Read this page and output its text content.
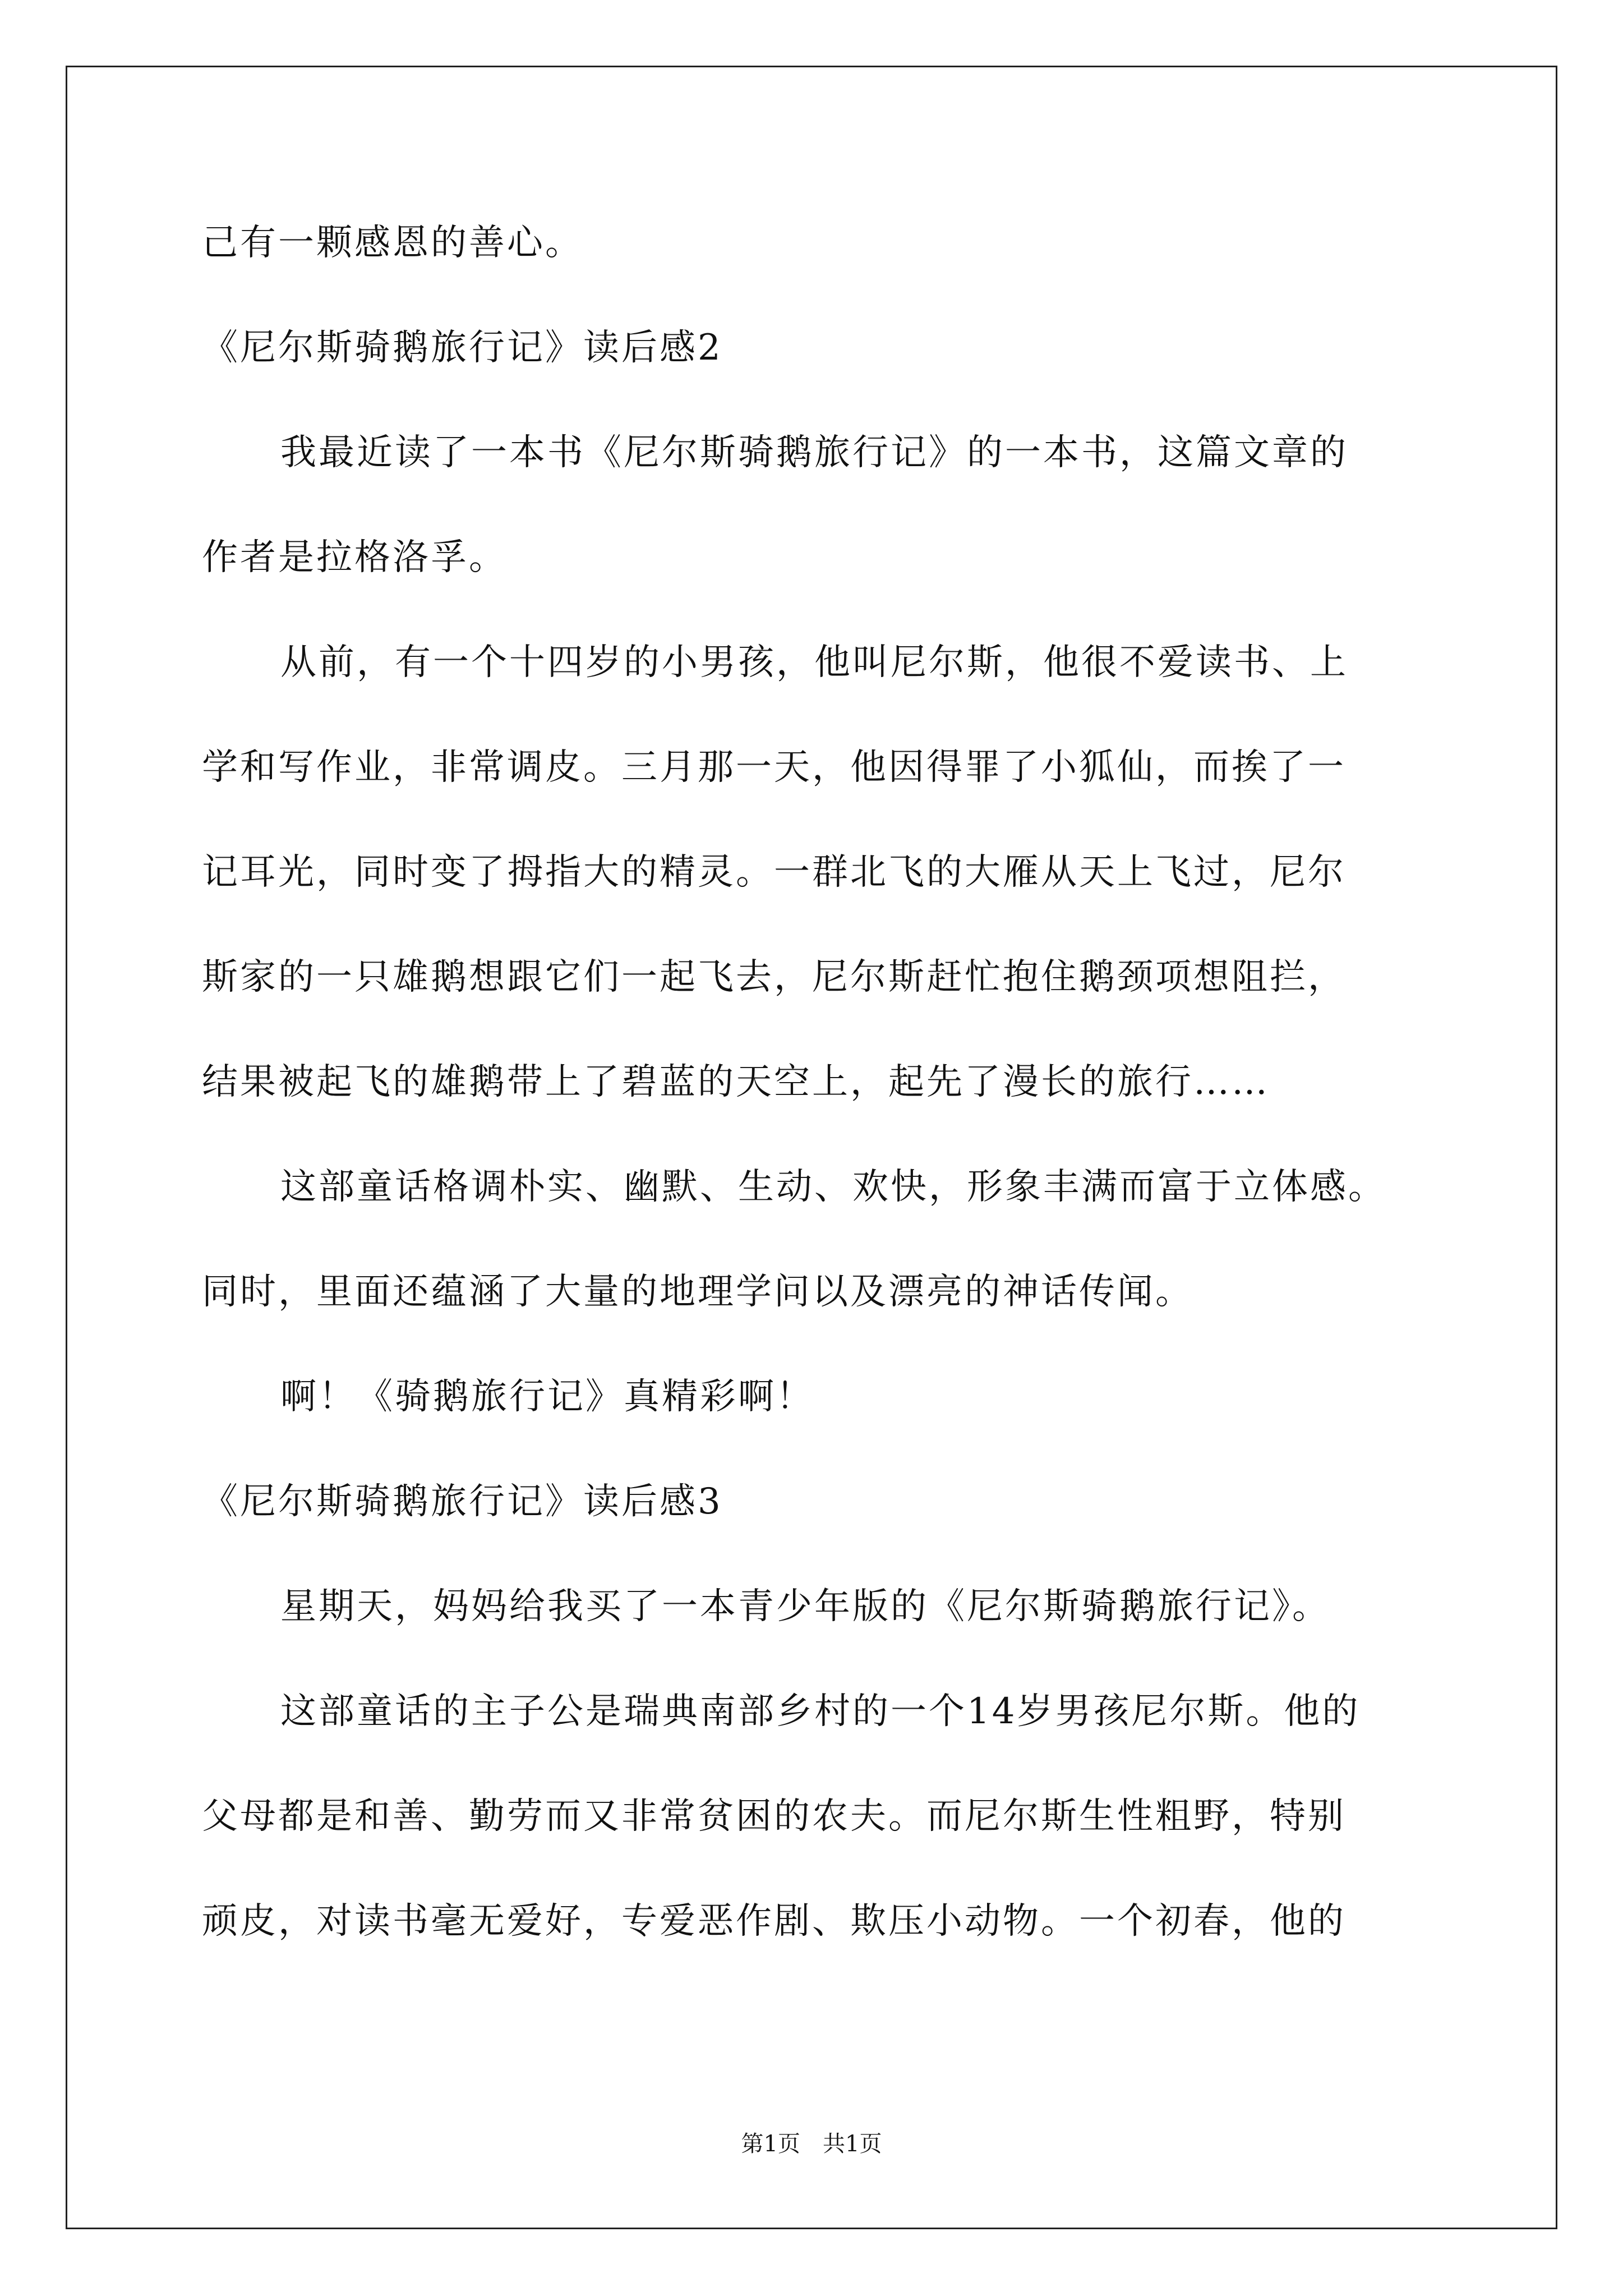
己有一颗感恩的善心。
《尼尔斯骑鹅旅行记》读后感2
我最近读了一本书《尼尔斯骑鹅旅行记》的一本书，这篇文章的
作者是拉格洛孚。
从前，有一个十四岁的小男孩，他叫尼尔斯，他很不爱读书、上
学和写作业，非常调皮。三月那一天，他因得罪了小狐仙，而挨了一
记耳光，同时变了拇指大的精灵。一群北飞的大雁从天上飞过，尼尔
斯家的一只雄鹅想跟它们一起飞去，尼尔斯赶忙抱住鹅颈项想阻拦，
结果被起飞的雄鹅带上了碧蓝的天空上，起先了漫长的旅行……
这部童话格调朴实、幽默、生动、欢快，形象丰满而富于立体感。
同时，里面还蕴涵了大量的地理学问以及漂亮的神话传闻。
啊！《骑鹅旅行记》真精彩啊！
《尼尔斯骑鹅旅行记》读后感3
星期天，妈妈给我买了一本青少年版的《尼尔斯骑鹅旅行记》。
这部童话的主子公是瑞典南部乡村的一个14岁男孩尼尔斯。他的
父母都是和善、勤劳而又非常贫困的农夫。而尼尔斯生性粗野，特别
顽皮，对读书毫无爱好，专爱恶作剧、欺压小动物。一个初春，他的
第1页 共1页
